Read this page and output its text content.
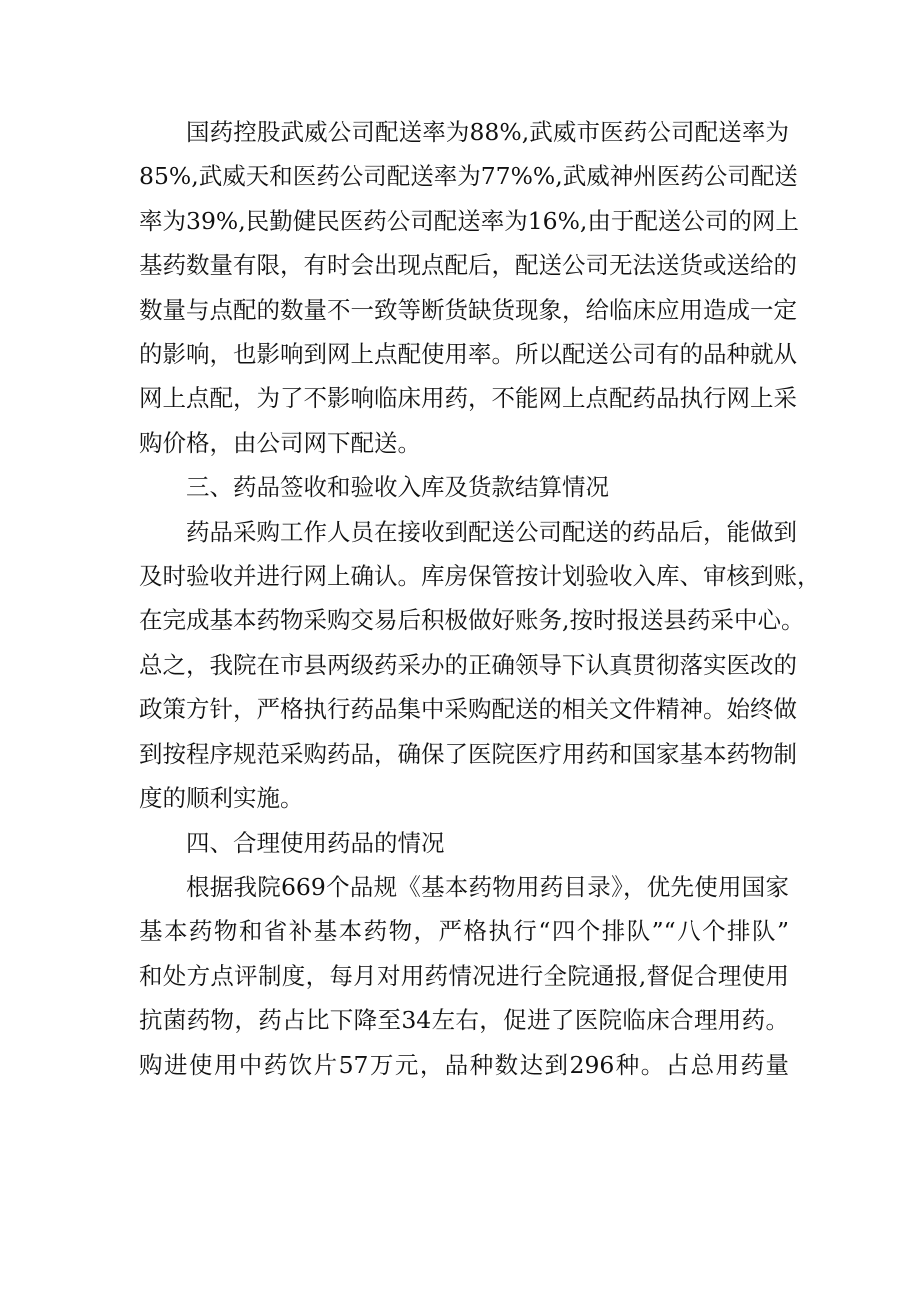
国药控股武威公司配送率为88%,武威市医药公司配送率为
85%,武威天和医药公司配送率为77%%,武威神州医药公司配送
率为39%,民勤健民医药公司配送率为16%,由于配送公司的网上
基药数量有限，有时会出现点配后，配送公司无法送货或送给的
数量与点配的数量不一致等断货缺货现象，给临床应用造成一定
的影响，也影响到网上点配使用率。所以配送公司有的品种就从
网上点配，为了不影响临床用药，不能网上点配药品执行网上采
购价格，由公司网下配送。

三、药品签收和验收入库及货款结算情况

药品采购工作人员在接收到配送公司配送的药品后，能做到
及时验收并进行网上确认。库房保管按计划验收入库、审核到账，
在完成基本药物采购交易后积极做好账务,按时报送县药采中心。
总之，我院在市县两级药采办的正确领导下认真贯彻落实医改的
政策方针，严格执行药品集中采购配送的相关文件精神。始终做
到按程序规范采购药品，确保了医院医疗用药和国家基本药物制
度的顺利实施。

四、合理使用药品的情况

根据我院669个品规《基本药物用药目录》，优先使用国家
基本药物和省补基本药物，严格执行“四个排队”“八个排队”
和处方点评制度，每月对用药情况进行全院通报,督促合理使用
抗菌药物，药占比下降至34左右，促进了医院临床合理用药。
购进使用中药饮片57万元，品种数达到296种。占总用药量
